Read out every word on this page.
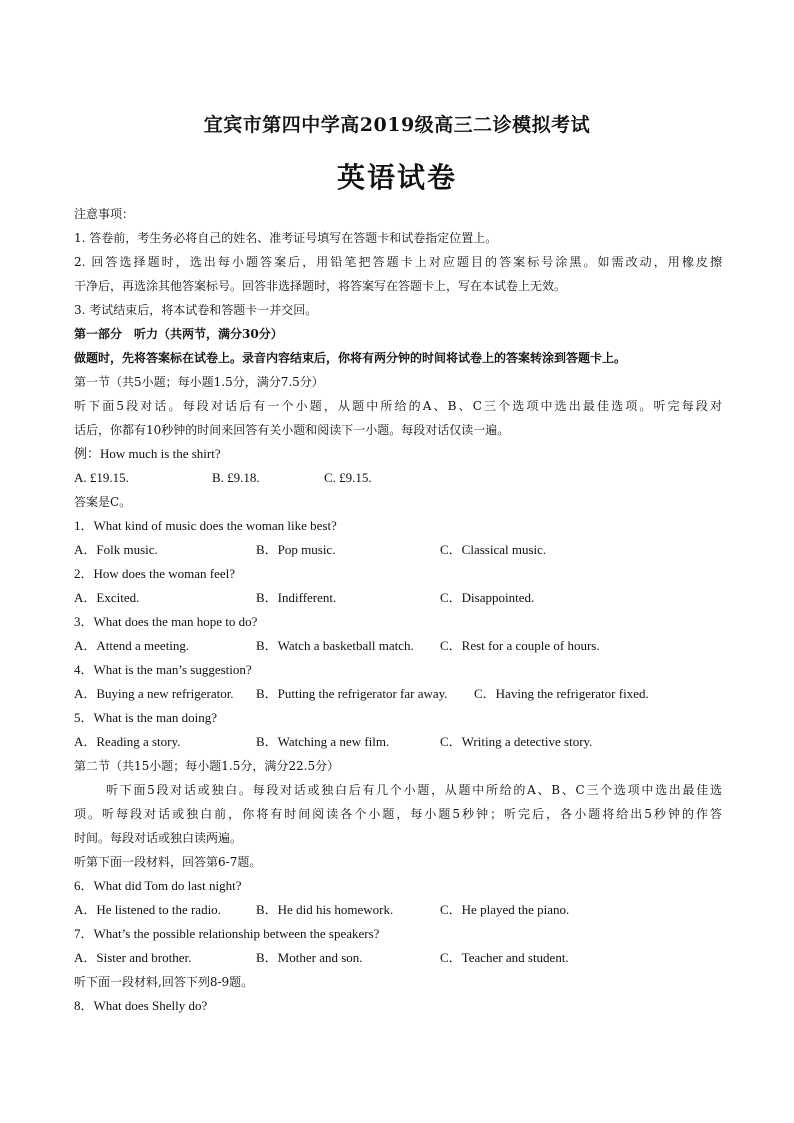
宜宾市第四中学高2019级高三二诊模拟考试
英语试卷
注意事项：
1. 答卷前，考生务必将自己的姓名、准考证号填写在答题卡和试卷指定位置上。
2. 回答选择题时，选出每小题答案后，用铅笔把答题卡上对应题目的答案标号涂黑。如需改动，用橡皮擦
干净后，再选涂其他答案标号。回答非选择题时，将答案写在答题卡上，写在本试卷上无效。
3. 考试结束后，将本试卷和答题卡一并交回。
第一部分　听力（共两节，满分30分）
做题时，先将答案标在试卷上。录音内容结束后，你将有两分钟的时间将试卷上的答案转涂到答题卡上。
第一节（共5小题；每小题1.5分，满分7.5分）
听下面5段对话。每段对话后有一个小题，从题中所给的A、B、C三个选项中选出最佳选项。听完每段对
话后，你都有10秒钟的时间来回答有关小题和阅读下一小题。每段对话仅读一遍。
例：How much is the shirt?
A. £19.15.	B. £9.18.	C. £9.15.
答案是C。
1．What kind of music does the woman like best?
A．Folk music.	B．Pop music.	C．Classical music.
2．How does the woman feel?
A．Excited.	B．Indifferent.	C．Disappointed.
3．What does the man hope to do?
A．Attend a meeting.	B．Watch a basketball match. C．Rest for a couple of hours.
4．What is the man’s suggestion?
A．Buying a new refrigerator. B．Putting the refrigerator far away. C．Having the refrigerator fixed.
5．What is the man doing?
A．Reading a story.	B．Watching a new film.	C．Writing a detective story.
第二节（共15小题；每小题1.5分，满分22.5分）
听下面5段对话或独白。每段对话或独白后有几个小题，从题中所给的A、B、C三个选项中选出最佳选
项。听每段对话或独白前，你将有时间阅读各个小题，每小题5秒钟；听完后，各小题将给出5秒钟的作答
时间。每段对话或独白读两遍。
听第下面一段材料，回答第6-7题。
6．What did Tom do last night?
A．He listened to the radio.	B．He did his homework.	C．He played the piano.
7．What’s the possible relationship between the speakers?
A．Sister and brother.	B．Mother and son.	C．Teacher and student.
听下面一段材料,回答下列8-9题。
8．What does Shelly do?
